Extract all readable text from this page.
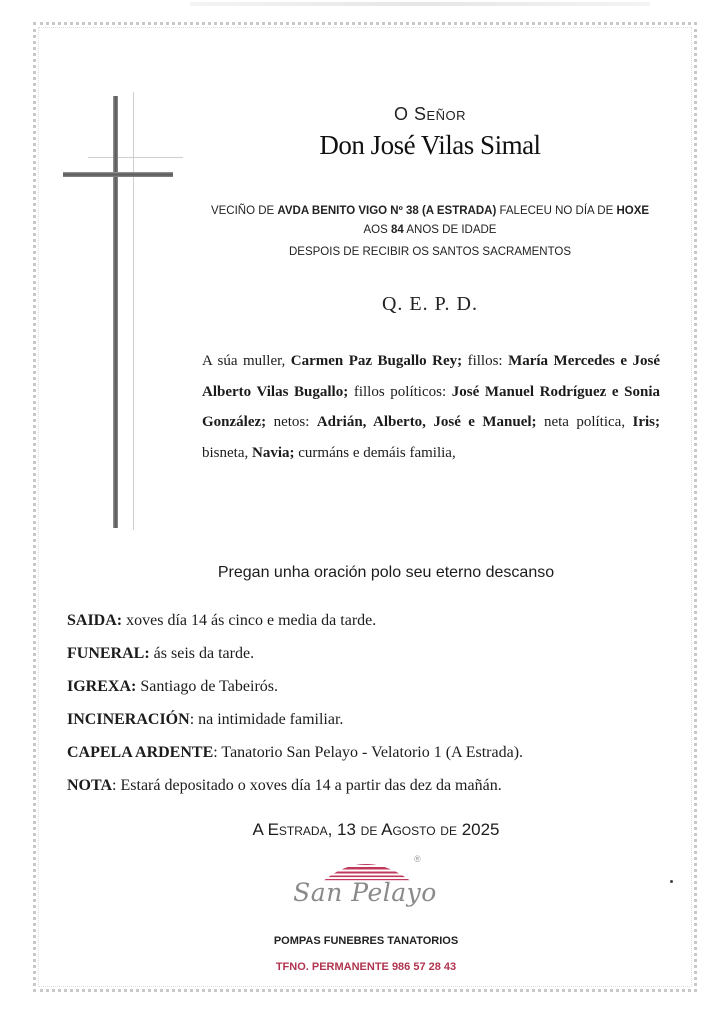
O Señor
Don José Vilas Simal
VECIÑO DE AVDA BENITO VIGO Nº 38 (A ESTRADA) FALECEU NO DÍA DE HOXE
AOS 84 ANOS DE IDADE
DESPOIS DE RECIBIR OS SANTOS SACRAMENTOS
Q. E. P. D.
A súa muller, Carmen Paz Bugallo Rey; fillos: María Mercedes e José Alberto Vilas Bugallo; fillos políticos: José Manuel Rodríguez e Sonia González; netos: Adrián, Alberto, José e Manuel; neta política, Iris; bisneta, Navia; curmáns e demáis familia,
Pregan unha oración polo seu eterno descanso
SAIDA: xoves día 14 ás cinco e media da tarde.
FUNERAL: ás seis da tarde.
IGREXA: Santiago de Tabeirós.
INCINERACIÓN: na intimidade familiar.
CAPELA ARDENTE: Tanatorio San Pelayo - Velatorio 1 (A Estrada).
NOTA: Estará depositado o xoves día 14 a partir das dez da mañán.
A Estrada, 13 de Agosto de 2025
®
San Pelayo
POMPAS FUNEBRES TANATORIOS
TFNO. PERMANENTE 986 57 28 43
